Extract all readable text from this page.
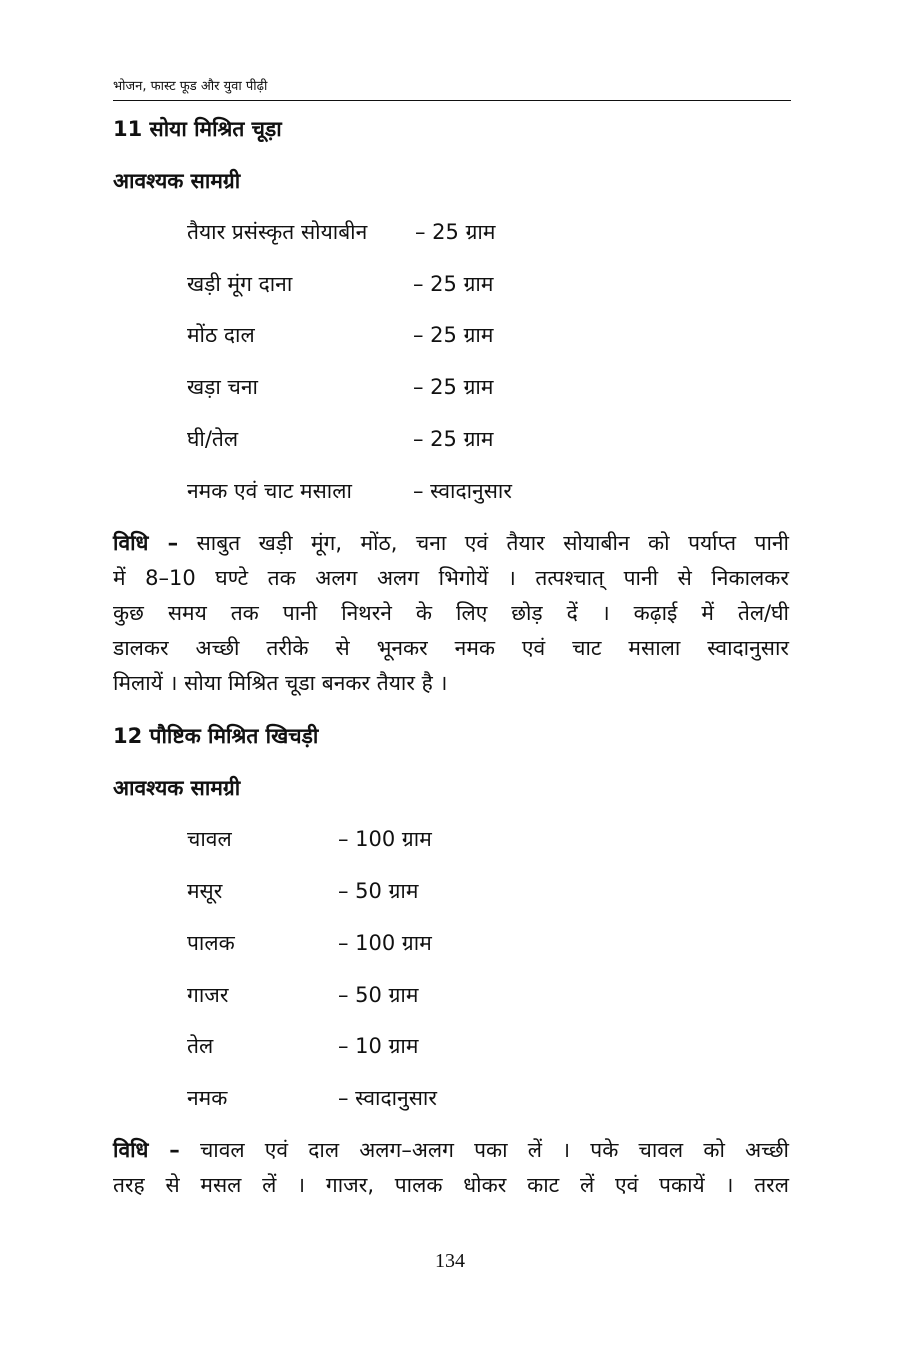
भोजन, फास्ट फूड और युवा पीढ़ी
11 सोया मिश्रित चूड़ा
आवश्यक सामग्री
तैयार प्रसंस्कृत सोयाबीन – 25 ग्राम
खड़ी मूंग दाना	– 25 ग्राम
मोंठ दाल	– 25 ग्राम
खड़ा चना	– 25 ग्राम
घी/तेल	– 25 ग्राम
नमक एवं चाट मसाला	– स्वादानुसार
विधि – साबुत खड़ी मूंग, मोंठ, चना एवं तैयार सोयाबीन को पर्याप्त पानी
में 8–10 घण्टे तक अलग अलग भिगोयें । तत्पश्चात् पानी से निकालकर
कुछ समय तक पानी निथरने के लिए छोड़ दें । कढ़ाई में तेल/घी
डालकर अच्छी तरीके से भूनकर नमक एवं चाट मसाला स्वादानुसार
मिलायें । सोया मिश्रित चूडा बनकर तैयार है ।
12 पौष्टिक मिश्रित खिचड़ी
आवश्यक सामग्री
चावल	– 100 ग्राम
मसूर	– 50 ग्राम
पालक	– 100 ग्राम
गाजर	– 50 ग्राम
तेल	– 10 ग्राम
नमक	– स्वादानुसार
विधि – चावल एवं दाल अलग–अलग पका लें । पके चावल को अच्छी
तरह से मसल लें । गाजर, पालक धोकर काट लें एवं पकायें । तरल
134
